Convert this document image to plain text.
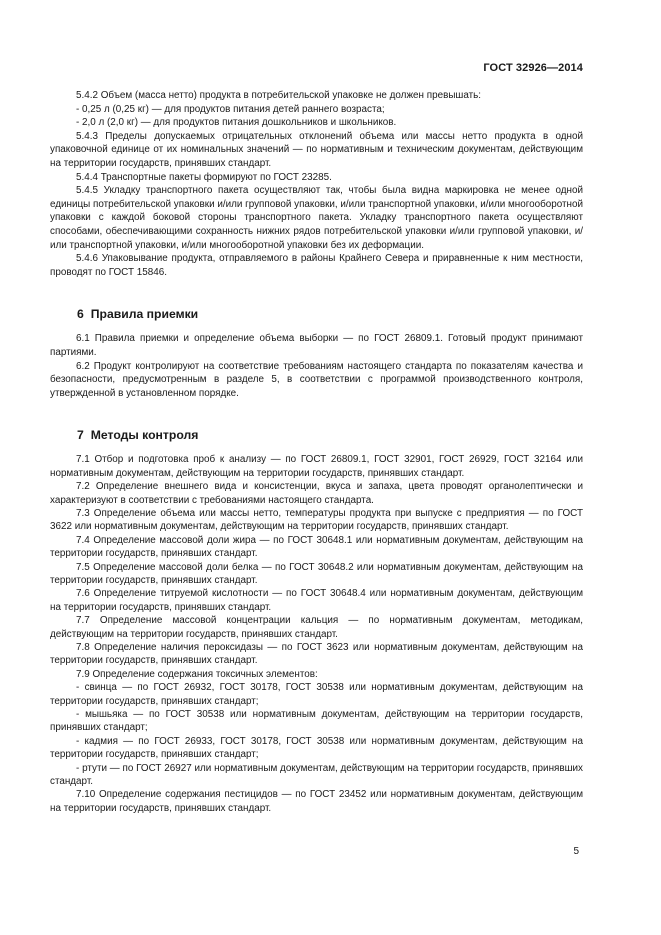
ГОСТ 32926—2014

5.4.2 Объем (масса нетто) продукта в потребительской упаковке не должен превышать:

- 0,25 л (0,25 кг) — для продуктов питания детей раннего возраста;

- 2,0 л (2,0 кг) — для продуктов питания дошкольников и школьников.

5.4.3 Пределы допускаемых отрицательных отклонений объема или массы нетто продукта в одной упаковочной единице от их номинальных значений — по нормативным и техническим документам, действующим на территории государств, принявших стандарт.

5.4.4 Транспортные пакеты формируют по ГОСТ 23285.

5.4.5 Укладку транспортного пакета осуществляют так, чтобы была видна маркировка не менее одной единицы потребительской упаковки и/или групповой упаковки, и/или транспортной упаковки, и/или многооборотной упаковки с каждой боковой стороны транспортного пакета. Укладку транспортного пакета осуществляют способами, обеспечивающими сохранность нижних рядов потребительской упаковки и/или групповой упаковки, и/или транспортной упаковки, и/или многооборотной упаковки без их деформации.

5.4.6 Упаковывание продукта, отправляемого в районы Крайнего Севера и приравненные к ним местности, проводят по ГОСТ 15846.

6 Правила приемки

6.1 Правила приемки и определение объема выборки — по ГОСТ 26809.1. Готовый продукт принимают партиями.

6.2 Продукт контролируют на соответствие требованиям настоящего стандарта по показателям качества и безопасности, предусмотренным в разделе 5, в соответствии с программой производственного контроля, утвержденной в установленном порядке.

7 Методы контроля

7.1 Отбор и подготовка проб к анализу — по ГОСТ 26809.1, ГОСТ 32901, ГОСТ 26929, ГОСТ 32164 или нормативным документам, действующим на территории государств, принявших стандарт.

7.2 Определение внешнего вида и консистенции, вкуса и запаха, цвета проводят органолептически и характеризуют в соответствии с требованиями настоящего стандарта.

7.3 Определение объема или массы нетто, температуры продукта при выпуске с предприятия — по ГОСТ 3622 или нормативным документам, действующим на территории государств, принявших стандарт.

7.4 Определение массовой доли жира — по ГОСТ 30648.1 или нормативным документам, действующим на территории государств, принявших стандарт.

7.5 Определение массовой доли белка — по ГОСТ 30648.2 или нормативным документам, действующим на территории государств, принявших стандарт.

7.6 Определение титруемой кислотности — по ГОСТ 30648.4 или нормативным документам, действующим на территории государств, принявших стандарт.

7.7 Определение массовой концентрации кальция — по нормативным документам, методикам, действующим на территории государств, принявших стандарт.

7.8 Определение наличия пероксидазы — по ГОСТ 3623 или нормативным документам, действующим на территории государств, принявших стандарт.

7.9 Определение содержания токсичных элементов:

- свинца — по ГОСТ 26932, ГОСТ 30178, ГОСТ 30538 или нормативным документам, действующим на территории государств, принявших стандарт;

- мышьяка — по ГОСТ 30538 или нормативным документам, действующим на территории государств, принявших стандарт;

- кадмия — по ГОСТ 26933, ГОСТ 30178, ГОСТ 30538 или нормативным документам, действующим на территории государств, принявших стандарт;

- ртути — по ГОСТ 26927 или нормативным документам, действующим на территории государств, принявших стандарт.

7.10 Определение содержания пестицидов — по ГОСТ 23452 или нормативным документам, действующим на территории государств, принявших стандарт.

5
